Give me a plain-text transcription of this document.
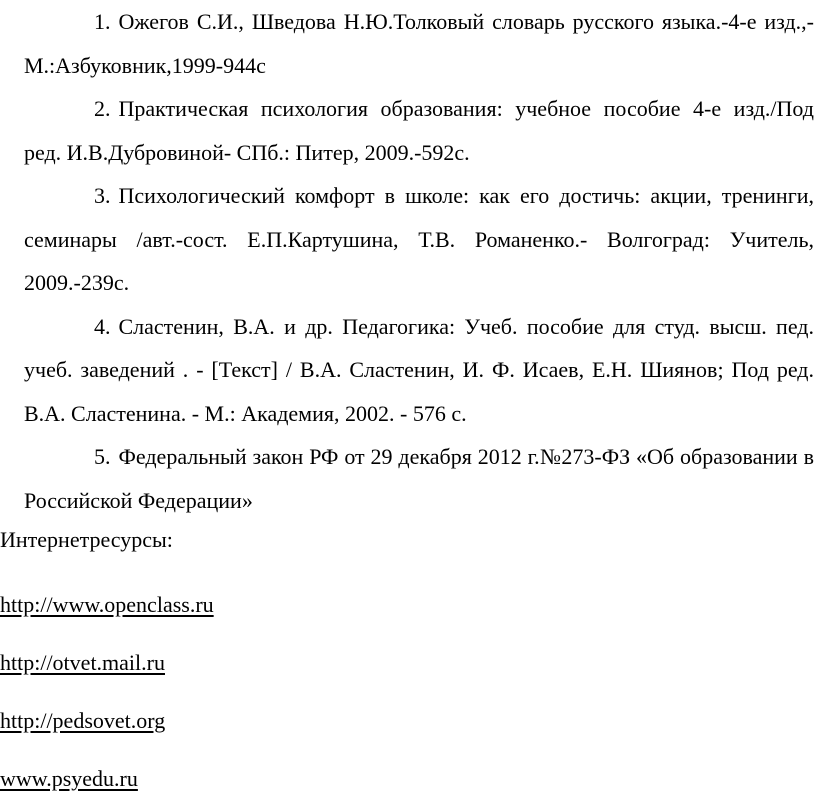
1. Ожегов С.И., Шведова Н.Ю.Толковый словарь русского языка.-4-е изд.,-М.:Азбуковник,1999-944с

2. Практическая психология образования: учебное пособие 4-е изд./Под ред. И.В.Дубровиной- СПб.: Питер, 2009.-592с.

3. Психологический комфорт в школе: как его достичь: акции, тренинги, семинары /авт.-сост. Е.П.Картушина, Т.В. Романенко.- Волгоград: Учитель, 2009.-239с.

4. Сластенин, В.А. и др. Педагогика: Учеб. пособие для студ. высш. пед. учеб. заведений . - [Текст] / В.А. Сластенин, И. Ф. Исаев, Е.Н. Шиянов; Под ред. В.А. Сластенина. - М.: Академия, 2002. - 576 с.

5. Федеральный закон РФ от 29 декабря 2012 г.№273-ФЗ «Об образовании в Российской Федерации»

Интернетресурсы:

http://www.openclass.ru
http://otvet.mail.ru
http://pedsovet.org
www.psyedu.ru
